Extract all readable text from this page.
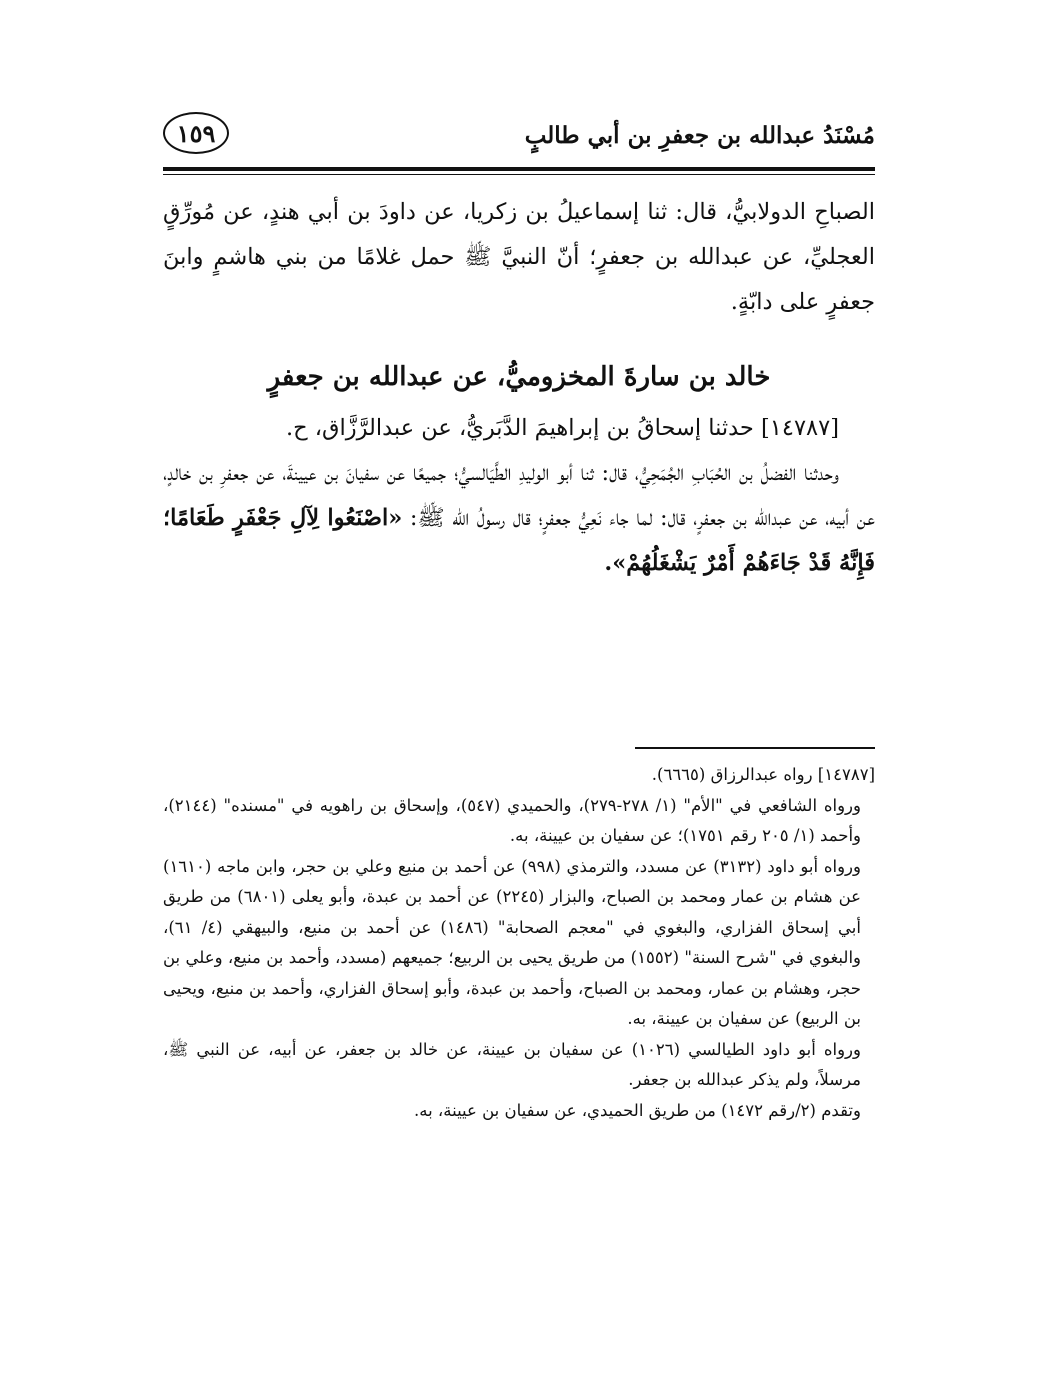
مُسْنَدُ عبدالله بن جعفرِ بن أبي طالبٍ
١٥٩

الصباحِ الدولابيُّ، قال: ثنا إسماعيلُ بن زكريا، عن داودَ بن أبي هندٍ، عن مُورِّقٍ العجليِّ، عن عبدالله بن جعفرٍ؛ أنّ النبيَّ ﷺ حمل غلامًا من بني هاشمٍ وابنَ جعفرٍ على دابّةٍ.

خالد بن سارةَ المخزوميُّ، عن عبدالله بن جعفرٍ

[١٤٧٨٧] حدثنا إسحاقُ بن إبراهيمَ الدَّبَريُّ، عن عبدالرَّزَّاق، ح.

وحدثنا الفضلُ بن الحُبَابِ الجُمَحِيُّ، قال: ثنا أبو الوليدِ الطَّيَالسيُّ؛ جميعًا عن سفيانَ بن عيينةَ، عن جعفرِ بن خالدٍ، عن أبيه، عن عبدالله بن جعفرٍ، قال: لما جاء نَعِيُّ جعفرٍ؛ قال رسولُ الله ﷺ: «اصْنَعُوا لِآلِ جَعْفَرٍ طَعَامًا؛ فَإِنَّهُ قَدْ جَاءَهُمْ أَمْرٌ يَشْغَلُهُمْ».

[١٤٧٨٧] رواه عبدالرزاق (٦٦٦٥).

ورواه الشافعي في "الأم" (١/ ٢٧٨-٢٧٩)، والحميدي (٥٤٧)، وإسحاق بن راهويه في "مسنده" (٢١٤٤)، وأحمد (١/ ٢٠٥ رقم ١٧٥١)؛ عن سفيان بن عيينة، به.

ورواه أبو داود (٣١٣٢) عن مسدد، والترمذي (٩٩٨) عن أحمد بن منيع وعلي بن حجر، وابن ماجه (١٦١٠) عن هشام بن عمار ومحمد بن الصباح، والبزار (٢٢٤٥) عن أحمد بن عبدة، وأبو يعلى (٦٨٠١) من طريق أبي إسحاق الفزاري، والبغوي في "معجم الصحابة" (١٤٨٦) عن أحمد بن منيع، والبيهقي (٤/ ٦١)، والبغوي في "شرح السنة" (١٥٥٢) من طريق يحيى بن الربيع؛ جميعهم (مسدد، وأحمد بن منيع، وعلي بن حجر، وهشام بن عمار، ومحمد بن الصباح، وأحمد بن عبدة، وأبو إسحاق الفزاري، وأحمد بن منيع، ويحيى بن الربيع) عن سفيان بن عيينة، به.

ورواه أبو داود الطيالسي (١٠٢٦) عن سفيان بن عيينة، عن خالد بن جعفر، عن أبيه، عن النبي ﷺ، مرسلاً، ولم يذكر عبدالله بن جعفر.

وتقدم (٢/رقم ١٤٧٢) من طريق الحميدي، عن سفيان بن عيينة، به.
